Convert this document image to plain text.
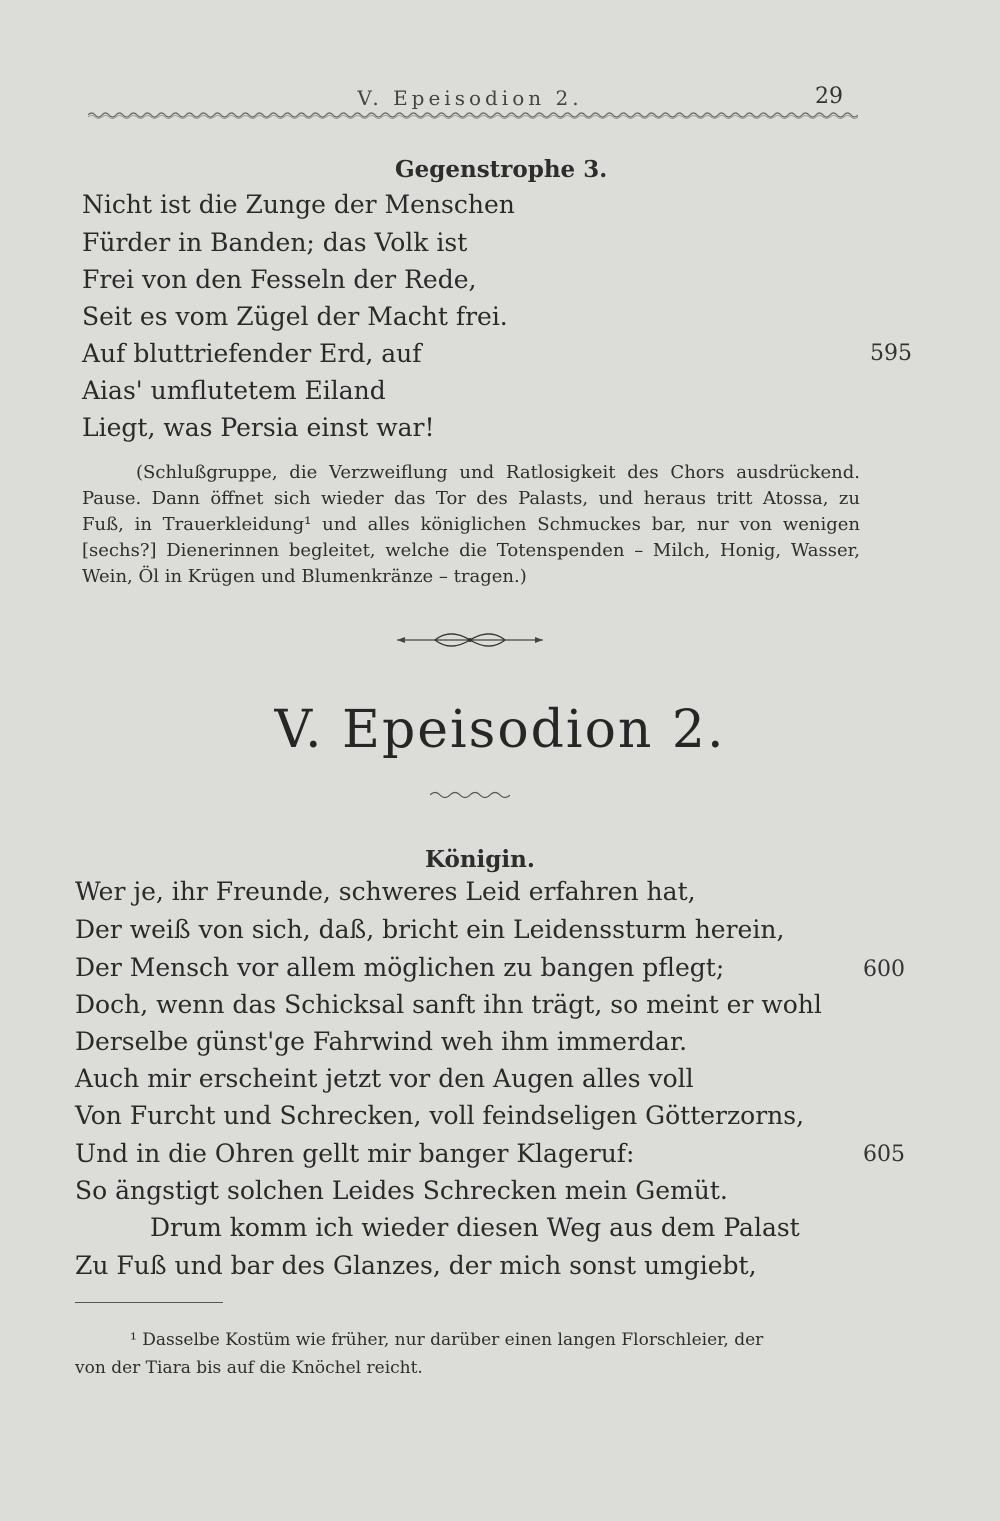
V. Epeisodion 2.	29
Gegenstrophe 3.
Nicht ist die Zunge der Menschen
Fürder in Banden; das Volk ist
Frei von den Fesseln der Rede,
Seit es vom Zügel der Macht frei.
Auf bluttriefender Erd, auf
Aias' umflutetem Eiland
Liegt, was Persia einst war!
595
(Schlußgruppe, die Verzweiflung und Ratlosigkeit des Chors ausdrückend.
Pause. Dann öffnet sich wieder das Tor des Palasts, und heraus tritt Atossa, zu
Fuß, in Trauerkleidung¹ und alles königlichen Schmuckes bar, nur von wenigen
[sechs?] Dienerinnen begleitet, welche die Totenspenden – Milch, Honig, Wasser,
Wein, Öl in Krügen und Blumenkränze – tragen.)
V. Epeisodion 2.
Königin.
Wer je, ihr Freunde, schweres Leid erfahren hat,
Der weiß von sich, daß, bricht ein Leidenssturm herein,
Der Mensch vor allem möglichen zu bangen pflegt;
Doch, wenn das Schicksal sanft ihn trägt, so meint er wohl
Derselbe günst'ge Fahrwind weh ihm immerdar.
Auch mir erscheint jetzt vor den Augen alles voll
Von Furcht und Schrecken, voll feindseligen Götterzorns,
Und in die Ohren gellt mir banger Klageruf:
So ängstigt solchen Leides Schrecken mein Gemüt.
Drum komm ich wieder diesen Weg aus dem Palast
Zu Fuß und bar des Glanzes, der mich sonst umgiebt,
600
605
¹ Dasselbe Kostüm wie früher, nur darüber einen langen Florschleier, der
von der Tiara bis auf die Knöchel reicht.
